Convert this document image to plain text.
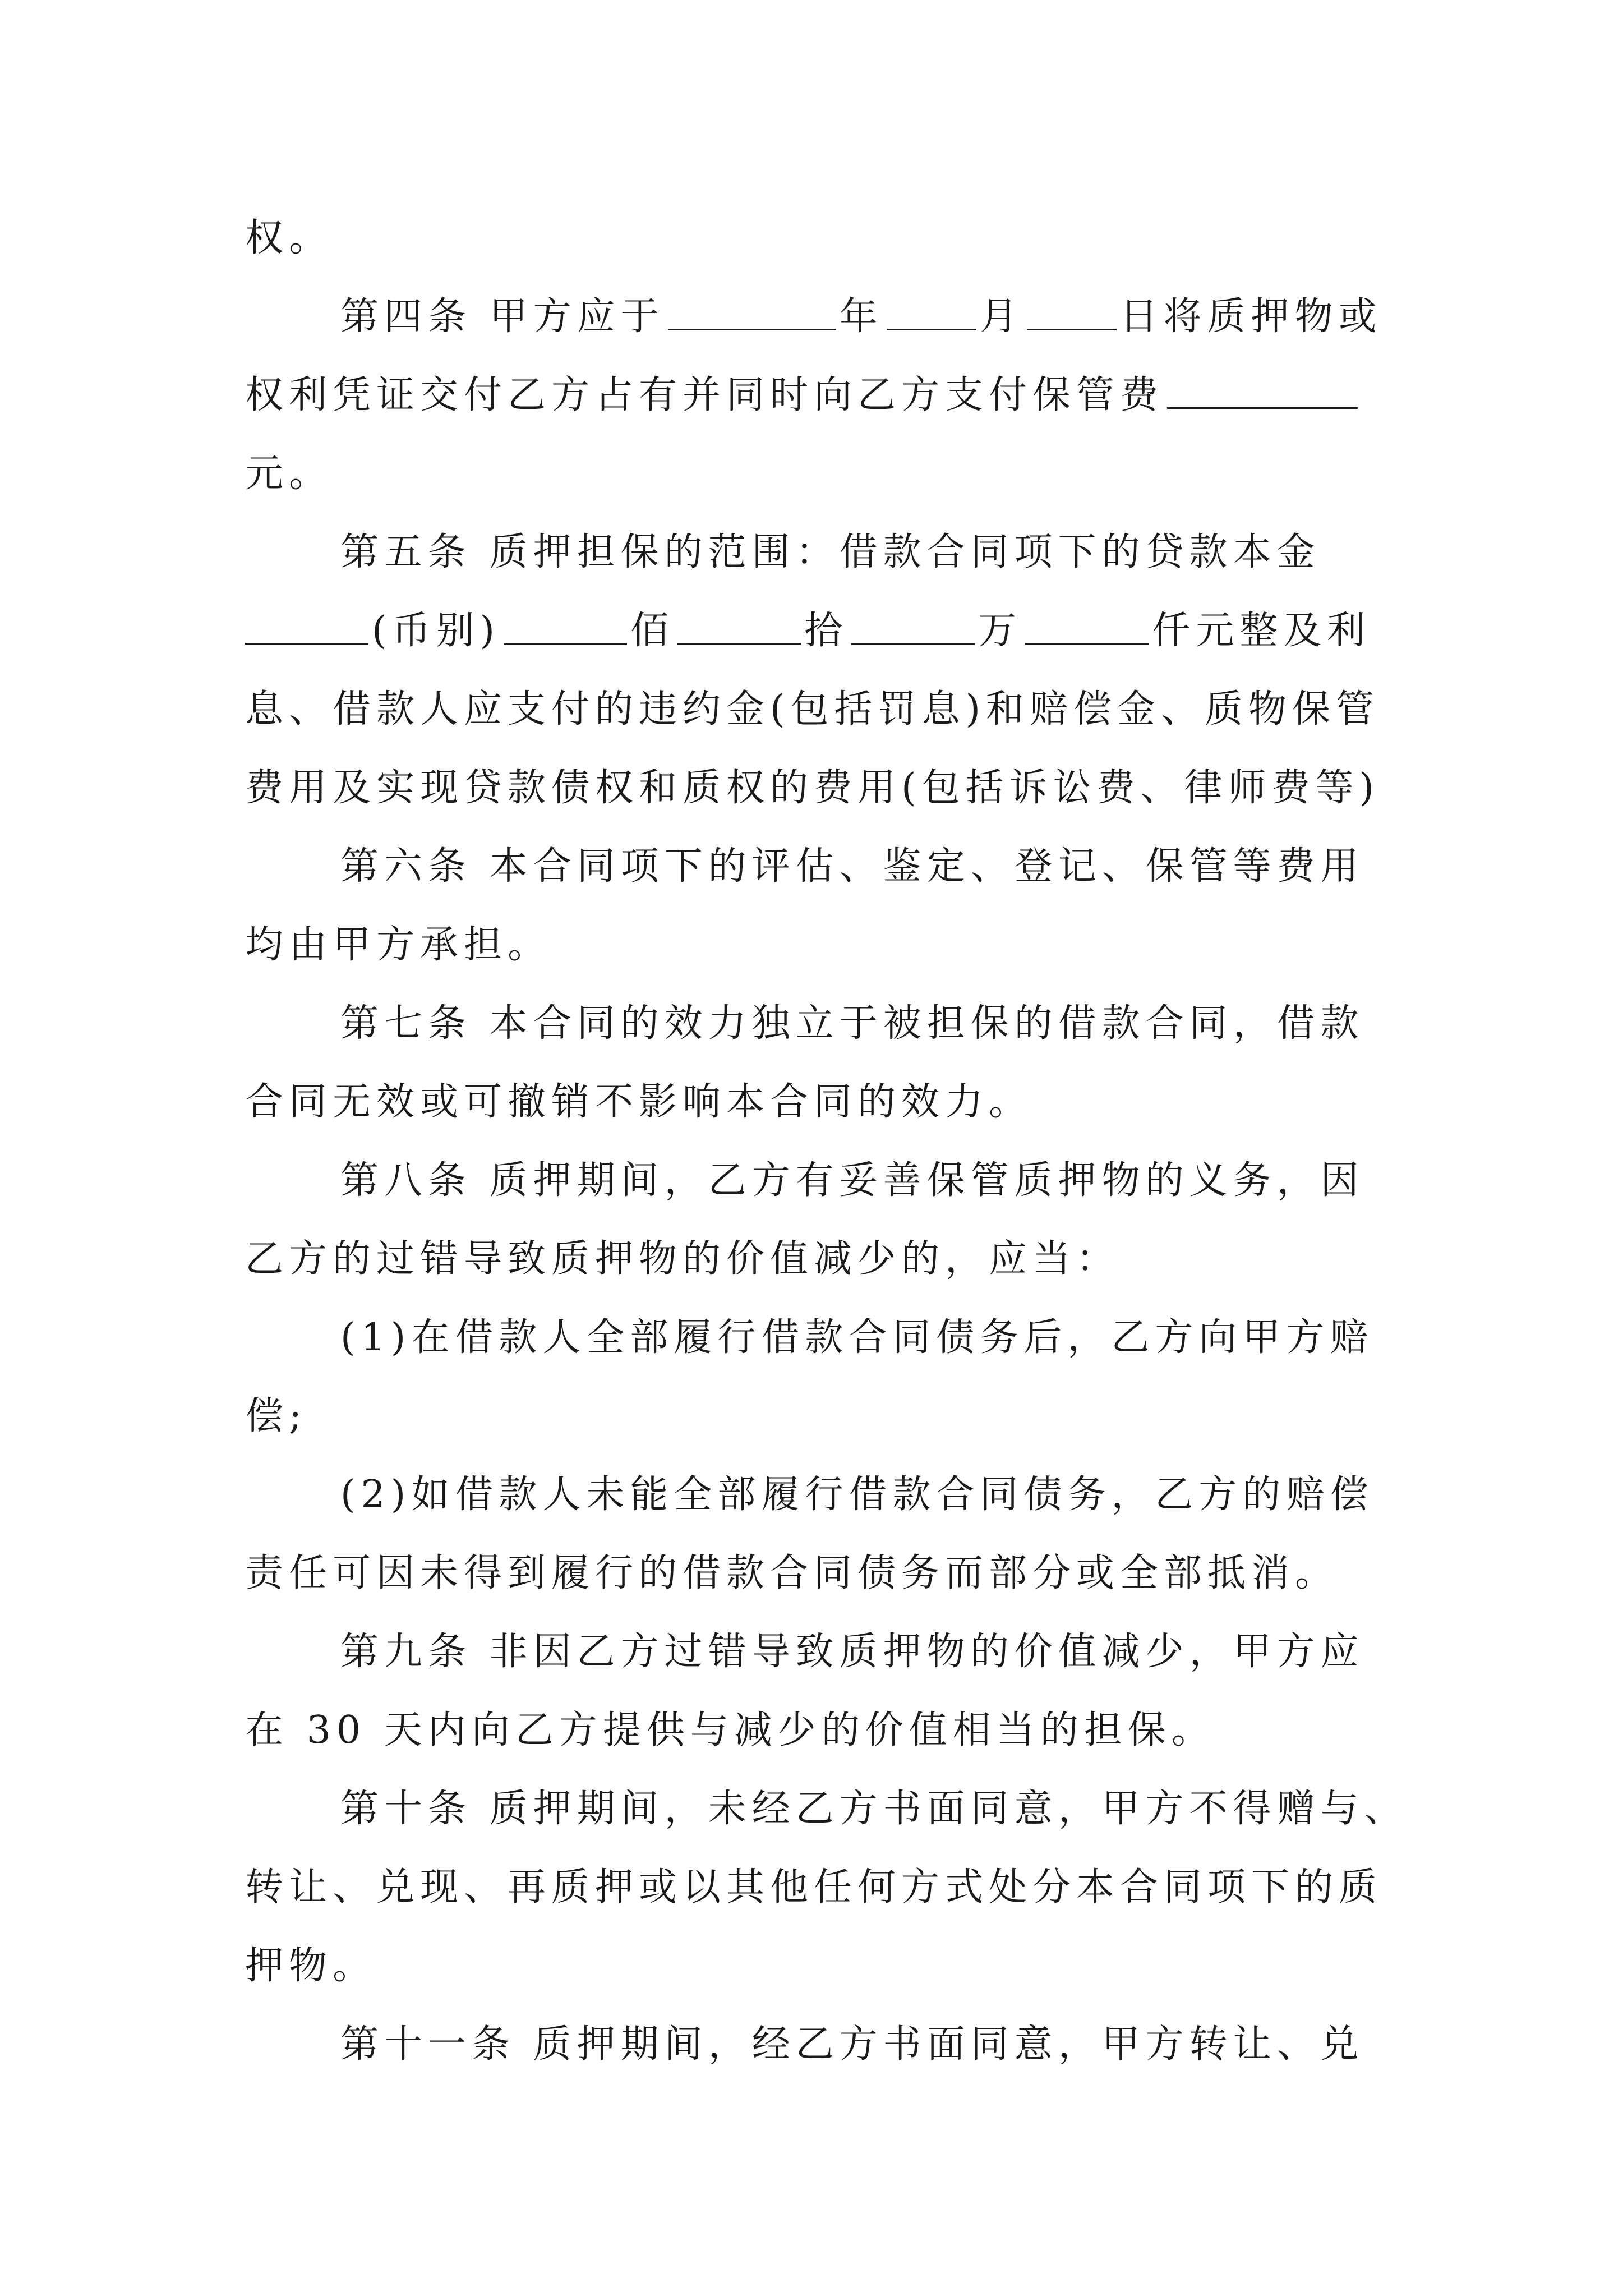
权。
第四条 甲方应于	年	月	日将质押物或
权利凭证交付乙方占有并同时向乙方支付保管费
元。
第五条 质押担保的范围：借款合同项下的贷款本金
(币别)	佰	拾	万	仟元整及利
息、借款人应支付的违约金(包括罚息)和赔偿金、质物保管
费用及实现贷款债权和质权的费用(包括诉讼费、律师费等)
第六条 本合同项下的评估、鉴定、登记、保管等费用
均由甲方承担。
第七条 本合同的效力独立于被担保的借款合同，借款
合同无效或可撤销不影响本合同的效力。
第八条 质押期间，乙方有妥善保管质押物的义务，因
乙方的过错导致质押物的价值减少的，应当：
(1)在借款人全部履行借款合同债务后，乙方向甲方赔
偿;
(2)如借款人未能全部履行借款合同债务，乙方的赔偿
责任可因未得到履行的借款合同债务而部分或全部抵消。
第九条 非因乙方过错导致质押物的价值减少，甲方应
在 30 天内向乙方提供与减少的价值相当的担保。
第十条 质押期间，未经乙方书面同意，甲方不得赠与、
转让、兑现、再质押或以其他任何方式处分本合同项下的质
押物。
第十一条 质押期间，经乙方书面同意，甲方转让、兑
